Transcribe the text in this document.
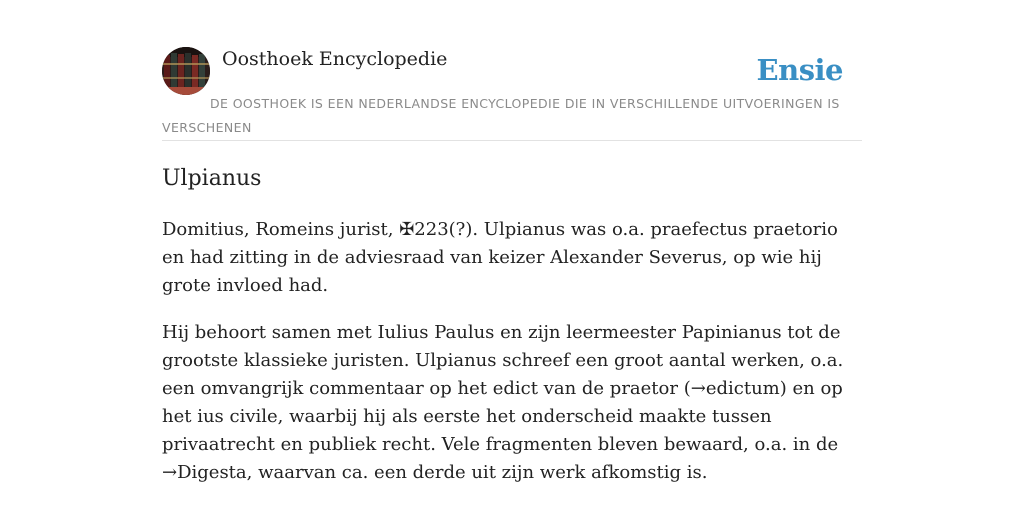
Oosthoek Encyclopedie	Ensie
DE OOSTHOEK IS EEN NEDERLANDSE ENCYCLOPEDIE DIE IN VERSCHILLENDE UITVOERINGEN IS VERSCHENEN
Ulpianus

Domitius, Romeins jurist, ✠223(?). Ulpianus was o.a. praefectus praetorio en had zitting in de adviesraad van keizer Alexander Severus, op wie hij grote invloed had.

Hij behoort samen met Iulius Paulus en zijn leermeester Papinianus tot de grootste klassieke juristen. Ulpianus schreef een groot aantal werken, o.a. een omvangrijk commentaar op het edict van de praetor (→edictum) en op het ius civile, waarbij hij als eerste het onderscheid maakte tussen privaatrecht en publiek recht. Vele fragmenten bleven bewaard, o.a. in de →Digesta, waarvan ca. een derde uit zijn werk afkomstig is.
